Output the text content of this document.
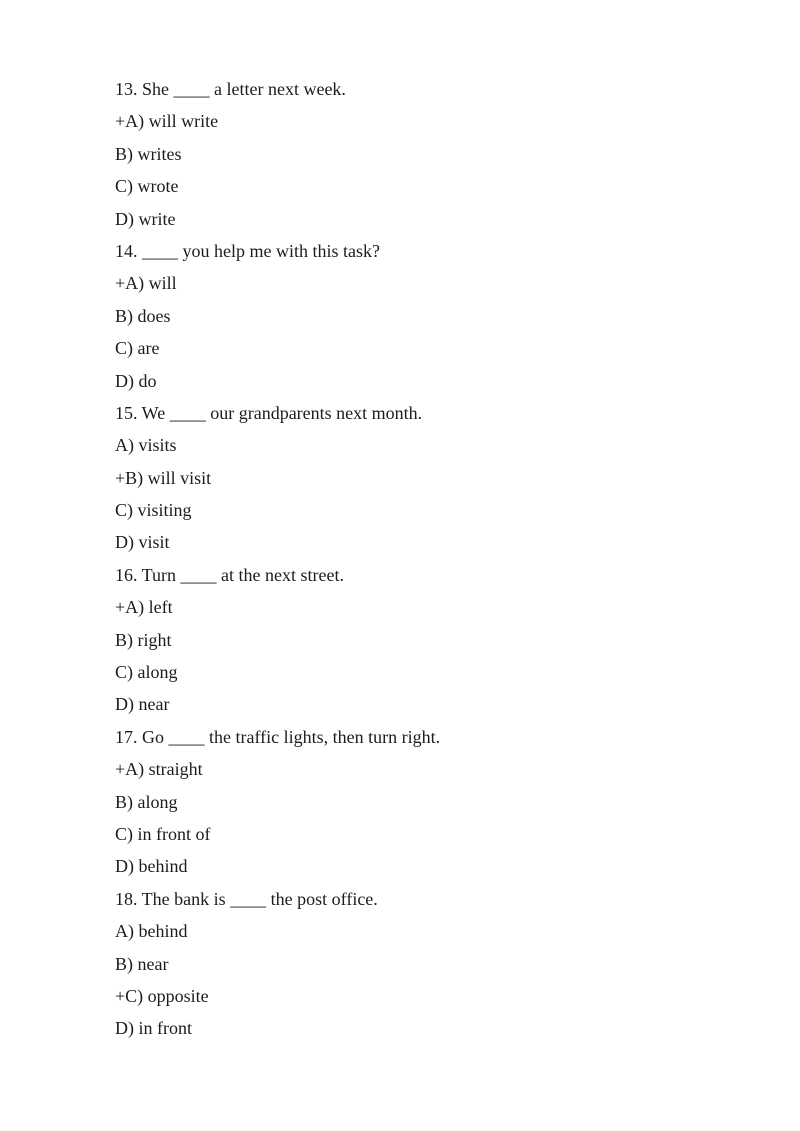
13. She ____ a letter next week.
+A) will write
B) writes
C) wrote
D) write
14. ____ you help me with this task?
+A) will
B) does
C) are
D) do
15. We ____ our grandparents next month.
A) visits
+B) will visit
C) visiting
D) visit
16. Turn ____ at the next street.
+A) left
B) right
C) along
D) near
17. Go ____ the traffic lights, then turn right.
+A) straight
B) along
C) in front of
D) behind
18. The bank is ____ the post office.
A) behind
B) near
+C) opposite
D) in front
